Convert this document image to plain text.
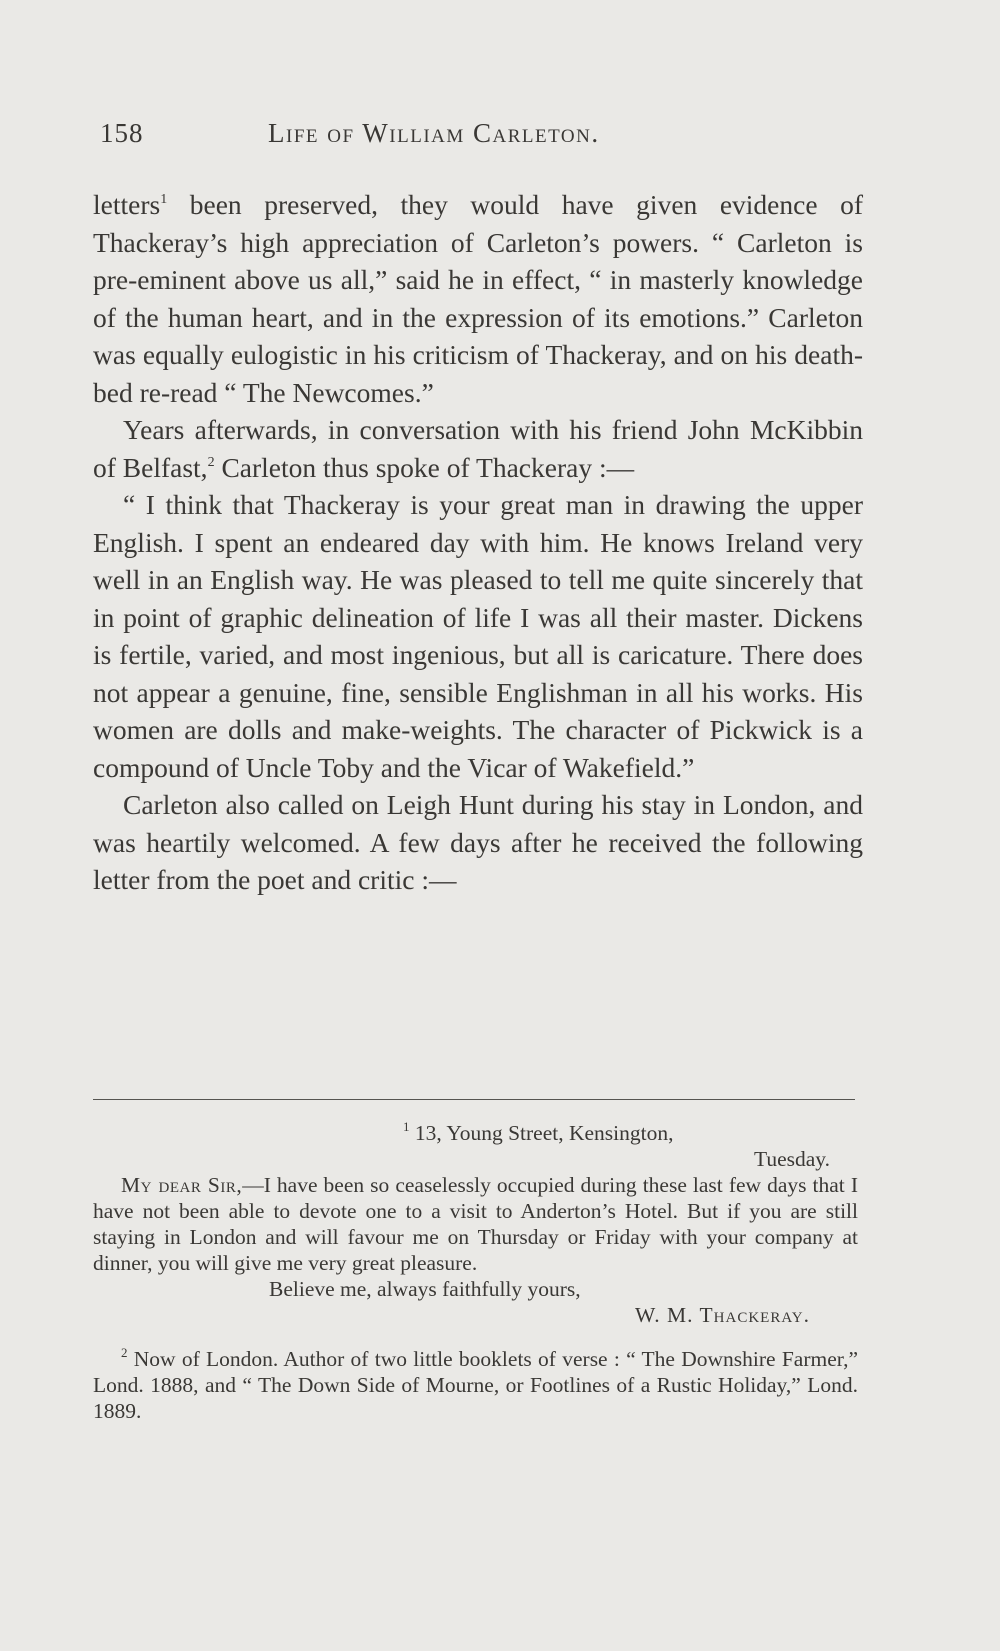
158	Life of William Carleton.

letters$^1$ been preserved, they would have given evidence of Thackeray’s high appreciation of Carleton’s powers. “ Carleton is pre-eminent above us all,” said he in effect, “ in masterly knowledge of the human heart, and in the expression of its emotions.” Carleton was equally eulogistic in his criticism of Thackeray, and on his death-bed re-read “ The Newcomes.”

Years afterwards, in conversation with his friend John McKibbin of Belfast,$^2$ Carleton thus spoke of Thackeray :—

“ I think that Thackeray is your great man in drawing the upper English. I spent an endeared day with him. He knows Ireland very well in an English way. He was pleased to tell me quite sincerely that in point of graphic delineation of life I was all their master. Dickens is fertile, varied, and most ingenious, but all is caricature. There does not appear a genuine, fine, sensible Englishman in all his works. His women are dolls and make-weights. The character of Pickwick is a compound of Uncle Toby and the Vicar of Wakefield.”

Carleton also called on Leigh Hunt during his stay in London, and was heartily welcomed. A few days after he received the following letter from the poet and critic :—

$^1$ 13, Young Street, Kensington,
Tuesday.

My dear Sir,—I have been so ceaselessly occupied during these last few days that I have not been able to devote one to a visit to Anderton’s Hotel. But if you are still staying in London and will favour me on Thursday or Friday with your company at dinner, you will give me very great pleasure.

Believe me, always faithfully yours,
W. M. Thackeray.

$^2$ Now of London. Author of two little booklets of verse : “ The Downshire Farmer,” Lond. 1888, and “ The Down Side of Mourne, or Footlines of a Rustic Holiday,” Lond. 1889.
